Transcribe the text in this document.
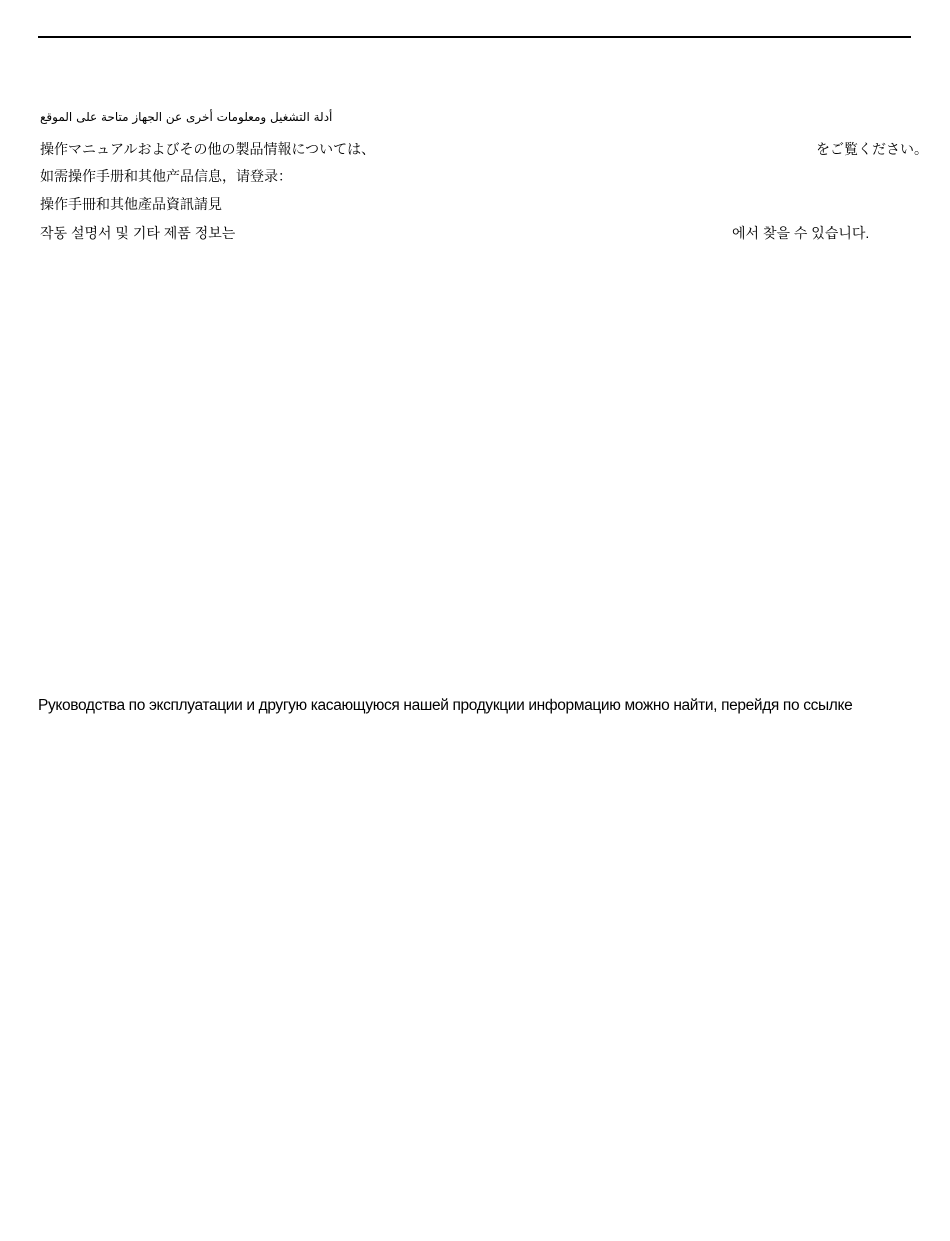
أدلة التشغيل ومعلومات أخرى عن الجهاز متاحة على الموقع
操作マニュアルおよびその他の製品情報については、	をご覧ください。
如需操作手册和其他产品信息，请登录：
操作手冊和其他產品資訊請見
작동 설명서 및 기타 제품 정보는	에서 찾을 수 있습니다.
Руководства по эксплуатации и другую касающуюся нашей продукции информацию можно найти, перейдя по ссылке
